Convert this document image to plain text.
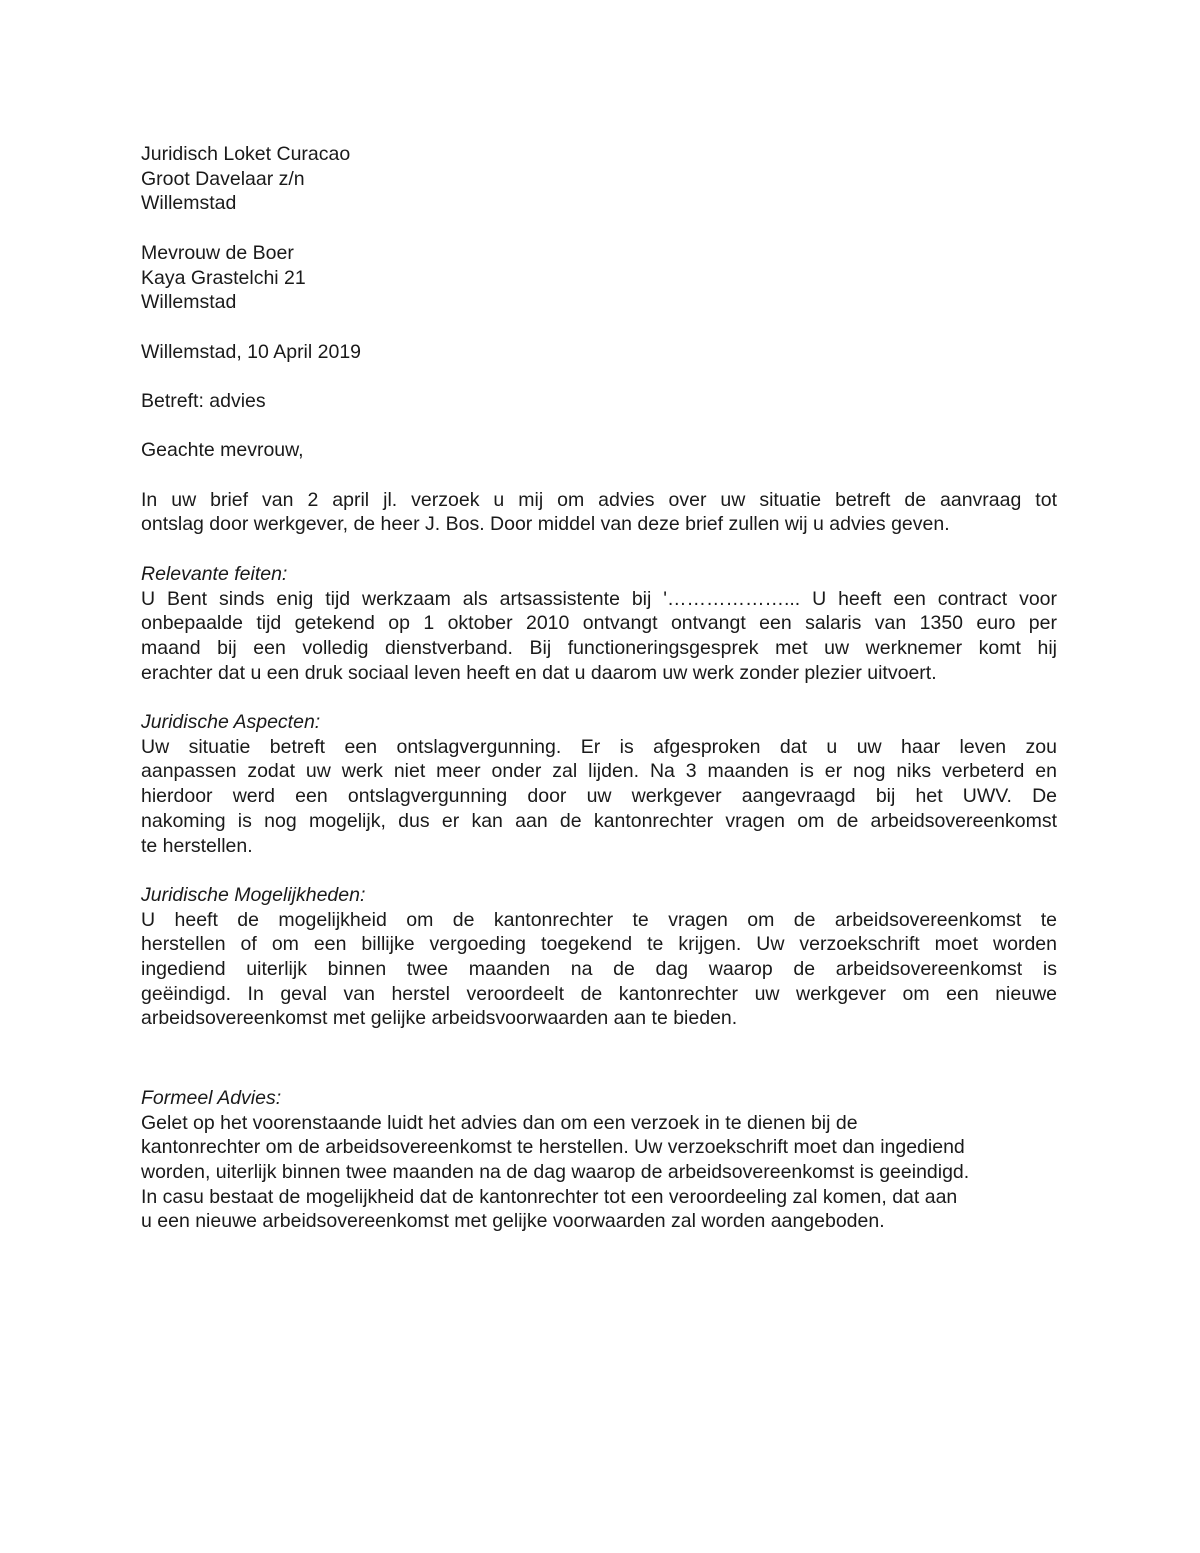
Juridisch Loket Curacao
Groot Davelaar z/n
Willemstad
Mevrouw de Boer
Kaya Grastelchi 21
Willemstad
Willemstad, 10 April 2019
Betreft: advies
Geachte mevrouw,
In uw brief van 2 april jl. verzoek u mij om advies over uw situatie betreft de aanvraag tot
ontslag door werkgever, de heer J. Bos. Door middel van deze brief zullen wij u advies geven.
Relevante feiten:
U Bent sinds enig tijd werkzaam als artsassistente bij '………………... U heeft een contract voor
onbepaalde tijd getekend op 1 oktober 2010 ontvangt ontvangt een salaris van 1350 euro per
maand bij een volledig dienstverband. Bij functioneringsgesprek met uw werknemer komt hij
erachter dat u een druk sociaal leven heeft en dat u daarom uw werk zonder plezier uitvoert.
Juridische Aspecten:
Uw situatie betreft een ontslagvergunning. Er is afgesproken dat u uw haar leven zou
aanpassen zodat uw werk niet meer onder zal lijden. Na 3 maanden is er nog niks verbeterd en
hierdoor werd een ontslagvergunning door uw werkgever aangevraagd bij het UWV. De
nakoming is nog mogelijk, dus er kan aan de kantonrechter vragen om de arbeidsovereenkomst
te herstellen.
Juridische Mogelijkheden:
U heeft de mogelijkheid om de kantonrechter te vragen om de arbeidsovereenkomst te
herstellen of om een billijke vergoeding toegekend te krijgen. Uw verzoekschrift moet worden
ingediend uiterlijk binnen twee maanden na de dag waarop de arbeidsovereenkomst is
geëindigd. In geval van herstel veroordeelt de kantonrechter uw werkgever om een nieuwe
arbeidsovereenkomst met gelijke arbeidsvoorwaarden aan te bieden.
Formeel Advies:
Gelet op het voorenstaande luidt het advies dan om een verzoek in te dienen bij de
kantonrechter om de arbeidsovereenkomst te herstellen. Uw verzoekschrift moet dan ingediend
worden, uiterlijk binnen twee maanden na de dag waarop de arbeidsovereenkomst is geeindigd.
In casu bestaat de mogelijkheid dat de kantonrechter tot een veroordeeling zal komen, dat aan
u een nieuwe arbeidsovereenkomst met gelijke voorwaarden zal worden aangeboden.
